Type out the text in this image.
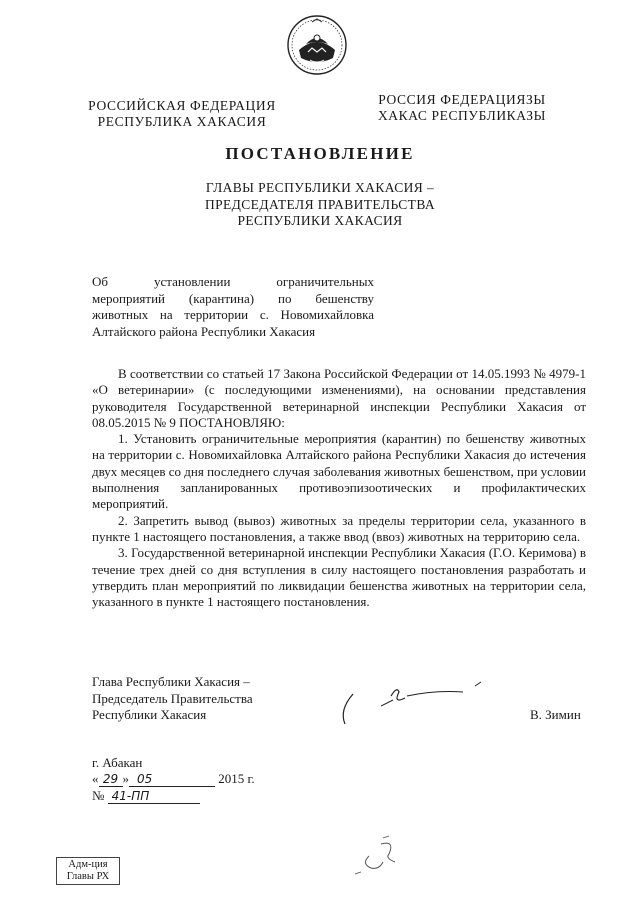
РОССИЙСКАЯ ФЕДЕРАЦИЯ
РЕСПУБЛИКА ХАКАСИЯ
РОССИЯ ФЕДЕРАЦИЯЗЫ
ХАКАС РЕСПУБЛИКАЗЫ
ПОСТАНОВЛЕНИЕ
ГЛАВЫ РЕСПУБЛИКИ ХАКАСИЯ –
ПРЕДСЕДАТЕЛЯ ПРАВИТЕЛЬСТВА
РЕСПУБЛИКИ ХАКАСИЯ
Об установлении ограничительных
мероприятий (карантина) по бешенству
животных на территории с. Новомихайловка
Алтайского района Республики Хакасия

В соответствии со статьей 17 Закона Российской Федерации от 14.05.1993 № 4979-1 «О ветеринарии» (с последующими изменениями), на основании представления руководителя Государственной ветеринарной инспекции Республики Хакасия от 08.05.2015 № 9 ПОСТАНОВЛЯЮ:

1. Установить ограничительные мероприятия (карантин) по бешенству животных на территории с. Новомихайловка Алтайского района Республики Хакасия до истечения двух месяцев со дня последнего случая заболевания животных бешенством, при условии выполнения запланированных противоэпизоотических и профилактических мероприятий.

2. Запретить вывод (вывоз) животных за пределы территории села, указанного в пункте 1 настоящего постановления, а также ввод (ввоз) животных на территорию села.

3. Государственной ветеринарной инспекции Республики Хакасия (Г.О. Керимова) в течение трех дней со дня вступления в силу настоящего постановления разработать и утвердить план мероприятий по ликвидации бешенства животных на территории села, указанного в пункте 1 настоящего постановления.

Глава Республики Хакасия –
Председатель Правительства
Республики Хакасия	В. Зимин
г. Абакан
« 29 » 05	2015 г.
№ 41-ПП
Адм-ция
Главы РХ
